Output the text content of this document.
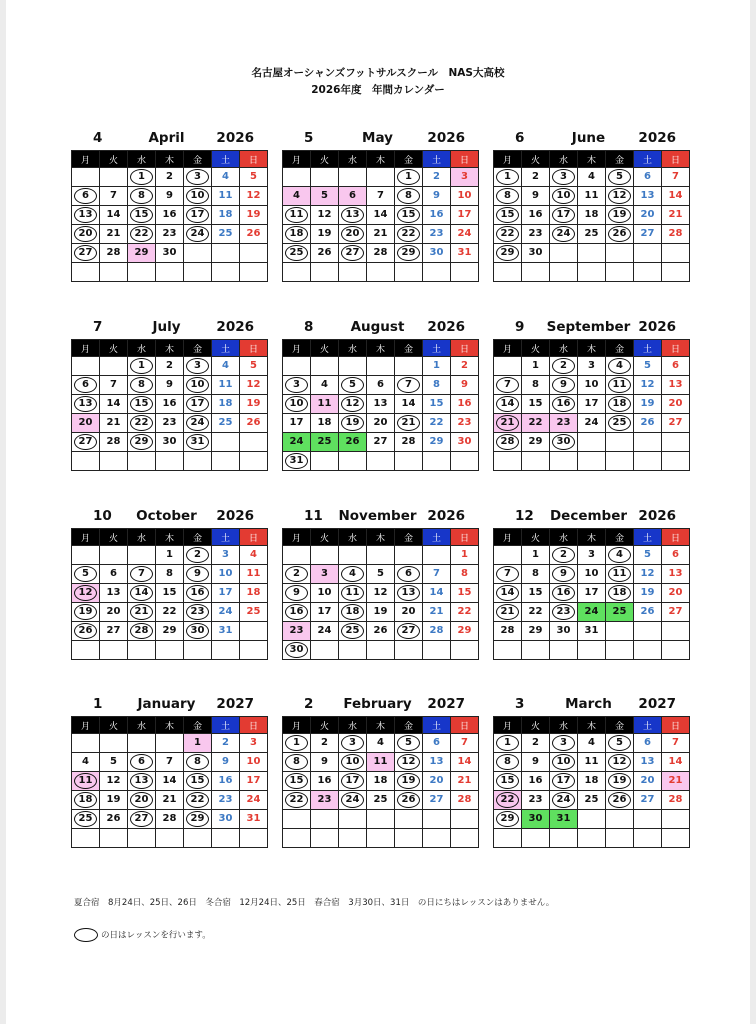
名古屋オーシャンズフットサルスクール　NAS大高校
2026年度　年間カレンダー
4	April	2026
月	火	水	木	金	土	日
		1	2	3	4	5
6	7	8	9	10	11	12
13	14	15	16	17	18	19
20	21	22	23	24	25	26
27	28	29	30			

5	May	2026
月	火	水	木	金	土	日
				1	2	3
4	5	6	7	8	9	10
11	12	13	14	15	16	17
18	19	20	21	22	23	24
25	26	27	28	29	30	31

6	June	2026
月	火	水	木	金	土	日
1	2	3	4	5	6	7
8	9	10	11	12	13	14
15	16	17	18	19	20	21
22	23	24	25	26	27	28
29	30					

7	July	2026
月	火	水	木	金	土	日
		1	2	3	4	5
6	7	8	9	10	11	12
13	14	15	16	17	18	19
20	21	22	23	24	25	26
27	28	29	30	31		

8	August	2026
月	火	水	木	金	土	日
					1	2
3	4	5	6	7	8	9
10	11	12	13	14	15	16
17	18	19	20	21	22	23
24	25	26	27	28	29	30
31						
9	September 2026
月	火	水	木	金	土	日
	1	2	3	4	5	6
7	8	9	10	11	12	13
14	15	16	17	18	19	20
21	22	23	24	25	26	27
28	29	30				

10	October	2026
月	火	水	木	金	土	日
			1	2	3	4
5	6	7	8	9	10	11
12	13	14	15	16	17	18
19	20	21	22	23	24	25
26	27	28	29	30	31	

11	November 2026
月	火	水	木	金	土	日
						1
2	3	4	5	6	7	8
9	10	11	12	13	14	15
16	17	18	19	20	21	22
23	24	25	26	27	28	29
30						
12	December 2026
月	火	水	木	金	土	日
	1	2	3	4	5	6
7	8	9	10	11	12	13
14	15	16	17	18	19	20
21	22	23	24	25	26	27
28	29	30	31			

1	January	2027
月	火	水	木	金	土	日
				1	2	3
4	5	6	7	8	9	10
11	12	13	14	15	16	17
18	19	20	21	22	23	24
25	26	27	28	29	30	31

2	February	2027
月	火	水	木	金	土	日
1	2	3	4	5	6	7
8	9	10	11	12	13	14
15	16	17	18	19	20	21
22	23	24	25	26	27	28

3	March	2027
月	火	水	木	金	土	日
1	2	3	4	5	6	7
8	9	10	11	12	13	14
15	16	17	18	19	20	21
22	23	24	25	26	27	28
29	30	31				

夏合宿　8月24日、25日、26日　冬合宿　12月24日、25日　春合宿　3月30日、31日　の日にちはレッスンはありません。
の日はレッスンを行います。
